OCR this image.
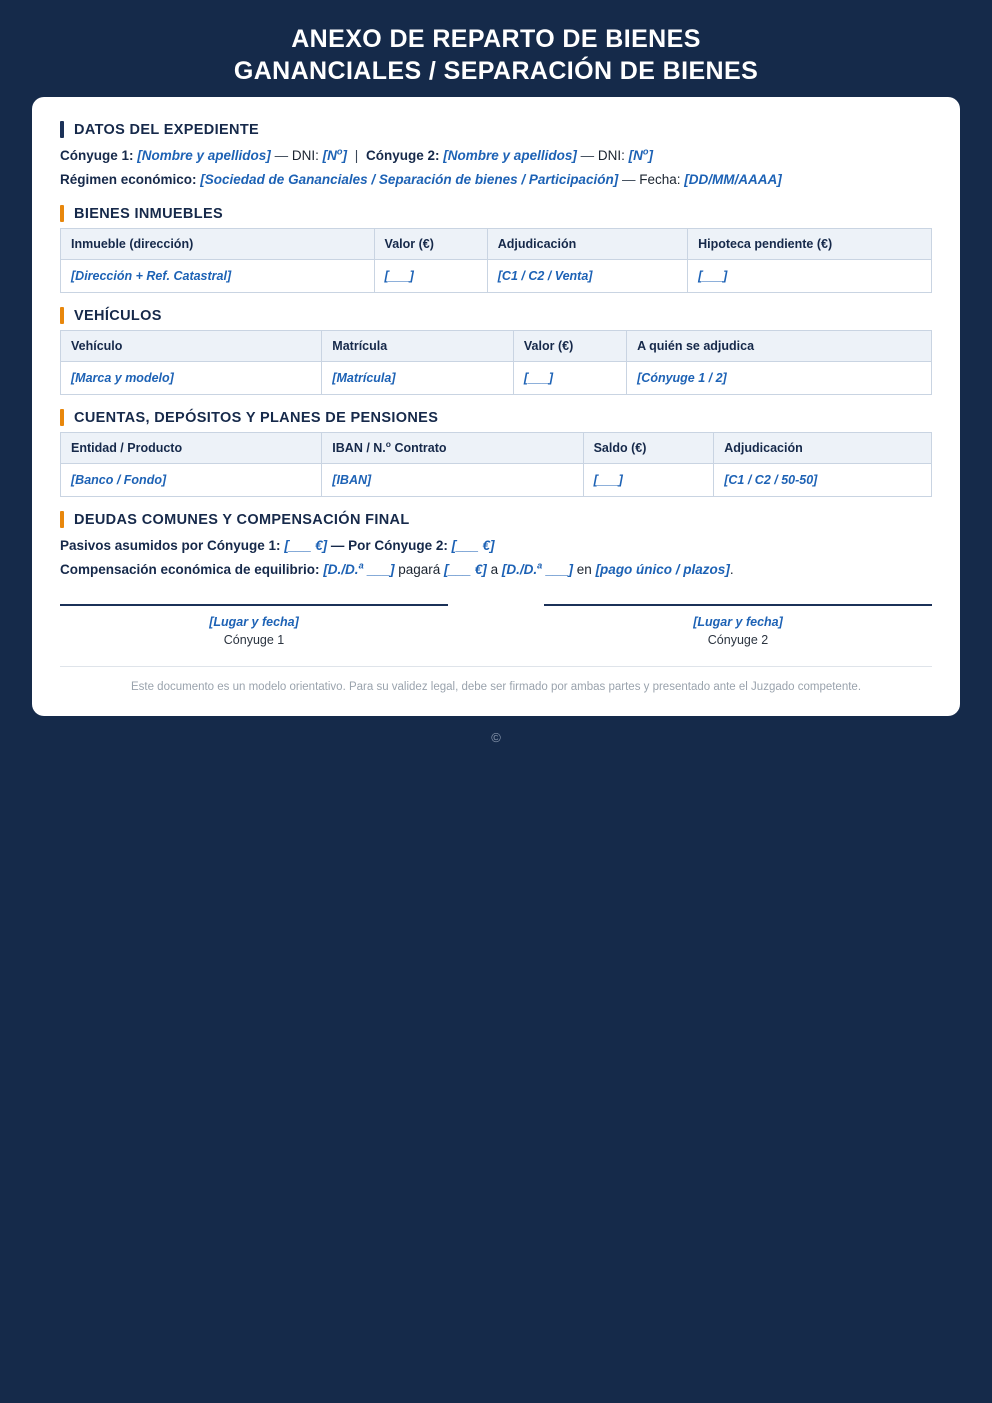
ANEXO DE REPARTO DE BIENES
GANANCIALES / SEPARACIÓN DE BIENES
DATOS DEL EXPEDIENTE

Cónyuge 1: [Nombre y apellidos] — DNI: $[N^o]$ | Cónyuge 2: [Nombre y apellidos] — DNI: $[N^o]$

Régimen económico: [Sociedad de Gananciales / Separación de bienes / Participación] — Fecha: [DD/MM/AAAA]

BIENES INMUEBLES
Inmueble (dirección)	Valor (€)	Adjudicación	Hipoteca pendiente (€)
[Dirección + Ref. Catastral]	[___]	[C1 / C2 / Venta]	[___]
VEHÍCULOS
Vehículo	Matrícula	Valor (€)	A quién se adjudica
[Marca y modelo]	[Matrícula]	[___]	[Cónyuge 1 / 2]
CUENTAS, DEPÓSITOS Y PLANES DE PENSIONES
Entidad / Producto	IBAN / N.$^o$ Contrato	Saldo (€)	Adjudicación
[Banco / Fondo]	[IBAN]	[___]	[C1 / C2 / 50-50]
DEUDAS COMUNES Y COMPENSACIÓN FINAL

Pasivos asumidos por Cónyuge 1: [___ €] — Por Cónyuge 2: [___ €]

Compensación económica de equilibrio: [D./D.$^a$ ___] pagará [___ €] a [D./D.$^a$ ___] en [pago único / plazos].

[Lugar y fecha]
Cónyuge 1
[Lugar y fecha]
Cónyuge 2

Este documento es un modelo orientativo. Para su validez legal, debe ser firmado por ambas partes y presentado ante el Juzgado competente.

©
